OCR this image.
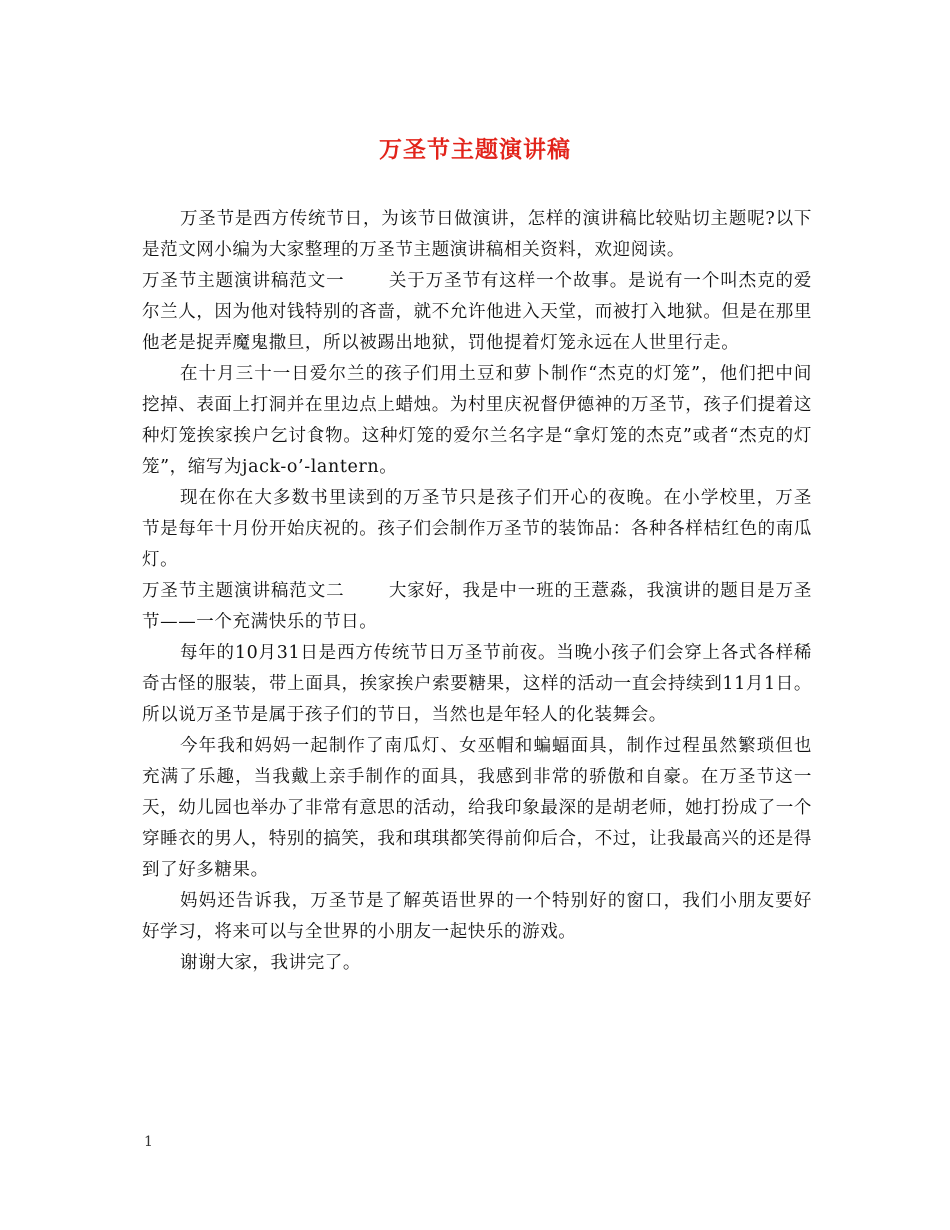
万圣节主题演讲稿

万圣节是西方传统节日，为该节日做演讲，怎样的演讲稿比较贴切主题呢?以下是范文网小编为大家整理的万圣节主题演讲稿相关资料，欢迎阅读。

万圣节主题演讲稿范文一	关于万圣节有这样一个故事。是说有一个叫杰克的爱尔兰人，因为他对钱特别的吝啬，就不允许他进入天堂，而被打入地狱。但是在那里他老是捉弄魔鬼撒旦，所以被踢出地狱，罚他提着灯笼永远在人世里行走。

在十月三十一日爱尔兰的孩子们用土豆和萝卜制作“杰克的灯笼”，他们把中间挖掉、表面上打洞并在里边点上蜡烛。为村里庆祝督伊德神的万圣节，孩子们提着这种灯笼挨家挨户乞讨食物。这种灯笼的爱尔兰名字是“拿灯笼的杰克”或者“杰克的灯笼”，缩写为jack-o’-lantern。

现在你在大多数书里读到的万圣节只是孩子们开心的夜晚。在小学校里，万圣节是每年十月份开始庆祝的。孩子们会制作万圣节的装饰品：各种各样桔红色的南瓜灯。

万圣节主题演讲稿范文二	大家好，我是中一班的王薏淼，我演讲的题目是万圣节——一个充满快乐的节日。

每年的10月31日是西方传统节日万圣节前夜。当晚小孩子们会穿上各式各样稀奇古怪的服装，带上面具，挨家挨户索要糖果，这样的活动一直会持续到11月1日。所以说万圣节是属于孩子们的节日，当然也是年轻人的化装舞会。

今年我和妈妈一起制作了南瓜灯、女巫帽和蝙蝠面具，制作过程虽然繁琐但也充满了乐趣，当我戴上亲手制作的面具，我感到非常的骄傲和自豪。在万圣节这一天，幼儿园也举办了非常有意思的活动，给我印象最深的是胡老师，她打扮成了一个穿睡衣的男人，特别的搞笑，我和琪琪都笑得前仰后合，不过，让我最高兴的还是得到了好多糖果。

妈妈还告诉我，万圣节是了解英语世界的一个特别好的窗口，我们小朋友要好好学习，将来可以与全世界的小朋友一起快乐的游戏。

谢谢大家，我讲完了。

1
